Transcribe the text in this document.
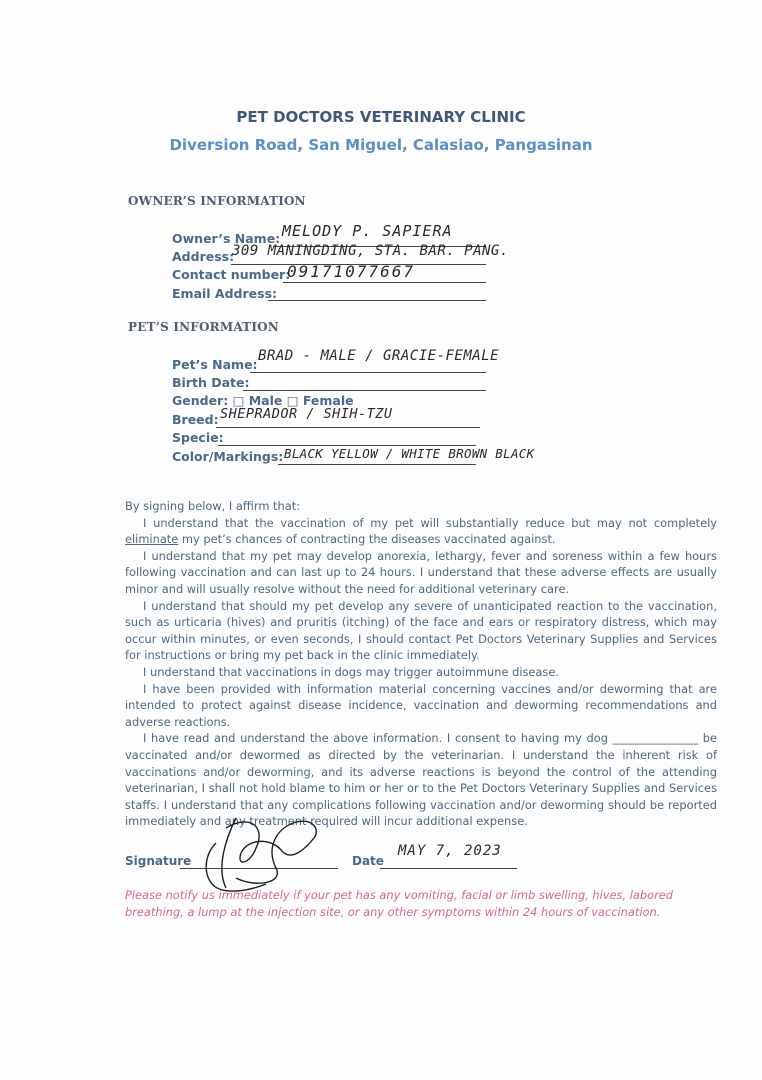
PET DOCTORS VETERINARY CLINIC
Diversion Road, San Miguel, Calasiao, Pangasinan
OWNER’S INFORMATION
Owner’s Name: MELODY P. SAPIERA
Address:
309 MANINGDING, STA. BAR. PANG.
Contact number:
09171077667
Email Address:
PET’S INFORMATION
Pet’s Name:
BRAD - MALE / GRACIE-FEMALE
Birth Date:
Gender: □ Male □ Female
Breed: SHEPRADOR / SHIH-TZU
Specie:
Color/Markings: BLACK YELLOW / WHITE BROWN BLACK

By signing below, I affirm that:

I understand that the vaccination of my pet will substantially reduce but may not completely eliminate my pet’s chances of contracting the diseases vaccinated against.

I understand that my pet may develop anorexia, lethargy, fever and soreness within a few hours following vaccination and can last up to 24 hours. I understand that these adverse effects are usually minor and will usually resolve without the need for additional veterinary care.

I understand that should my pet develop any severe of unanticipated reaction to the vaccination, such as urticaria (hives) and pruritis (itching) of the face and ears or respiratory distress, which may occur within minutes, or even seconds, I should contact Pet Doctors Veterinary Supplies and Services for instructions or bring my pet back in the clinic immediately.

I understand that vaccinations in dogs may trigger autoimmune disease.

I have been provided with information material concerning vaccines and/or deworming that are intended to protect against disease incidence, vaccination and deworming recommendations and adverse reactions.

I have read and understand the above information. I consent to having my dog _______________ be vaccinated and/or dewormed as directed by the veterinarian. I understand the inherent risk of vaccinations and/or deworming, and its adverse reactions is beyond the control of the attending veterinarian, I shall not hold blame to him or her or to the Pet Doctors Veterinary Supplies and Services staffs. I understand that any complications following vaccination and/or deworming should be reported immediately and any treatment required will incur additional expense.

Signature	Date
MAY 7, 2023
Please notify us immediately if your pet has any vomiting, facial or limb swelling, hives, labored breathing, a lump at the injection site, or any other symptoms within 24 hours of vaccination.
